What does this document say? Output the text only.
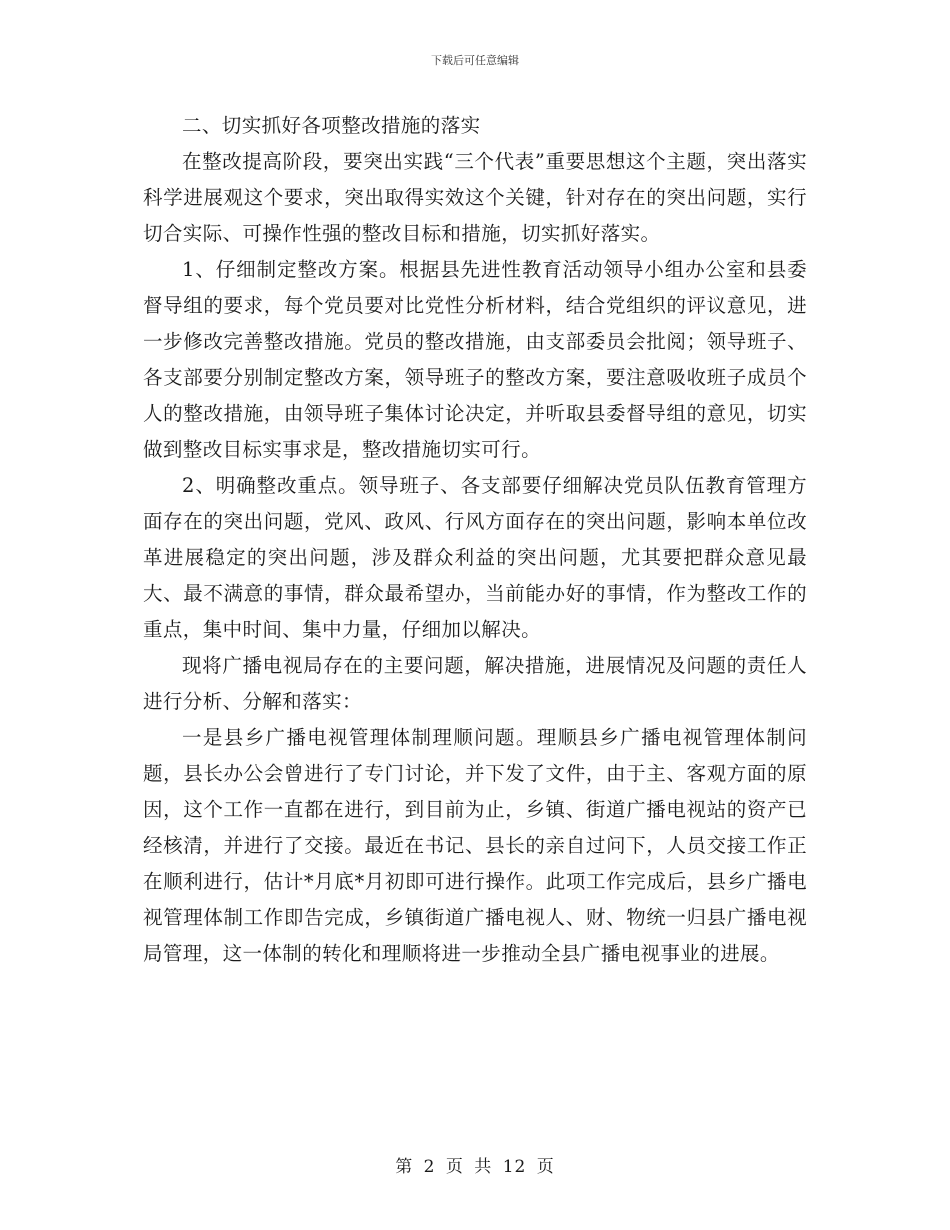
下载后可任意编辑

二、切实抓好各项整改措施的落实

在整改提高阶段，要突出实践“三个代表”重要思想这个主题，突出落实科学进展观这个要求，突出取得实效这个关键，针对存在的突出问题，实行切合实际、可操作性强的整改目标和措施，切实抓好落实。

1、仔细制定整改方案。根据县先进性教育活动领导小组办公室和县委督导组的要求，每个党员要对比党性分析材料，结合党组织的评议意见，进一步修改完善整改措施。党员的整改措施，由支部委员会批阅；领导班子、各支部要分别制定整改方案，领导班子的整改方案，要注意吸收班子成员个人的整改措施，由领导班子集体讨论决定，并听取县委督导组的意见，切实做到整改目标实事求是，整改措施切实可行。

2、明确整改重点。领导班子、各支部要仔细解决党员队伍教育管理方面存在的突出问题，党风、政风、行风方面存在的突出问题，影响本单位改革进展稳定的突出问题，涉及群众利益的突出问题，尤其要把群众意见最大、最不满意的事情，群众最希望办，当前能办好的事情，作为整改工作的重点，集中时间、集中力量，仔细加以解决。

现将广播电视局存在的主要问题，解决措施，进展情况及问题的责任人进行分析、分解和落实：

一是县乡广播电视管理体制理顺问题。理顺县乡广播电视管理体制问题，县长办公会曾进行了专门讨论，并下发了文件，由于主、客观方面的原因，这个工作一直都在进行，到目前为止，乡镇、街道广播电视站的资产已经核清，并进行了交接。最近在书记、县长的亲自过问下，人员交接工作正在顺利进行，估计*月底*月初即可进行操作。此项工作完成后，县乡广播电视管理体制工作即告完成，乡镇街道广播电视人、财、物统一归县广播电视局管理，这一体制的转化和理顺将进一步推动全县广播电视事业的进展。

第 2 页 共 12 页
